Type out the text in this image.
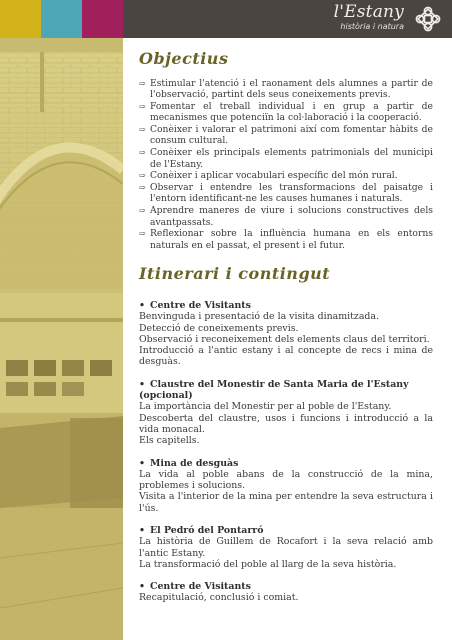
l'Estany
història i natura
Objectius
⇨ Estimular l'atenció i el raonament dels alumnes a partir de l'observació, partint dels seus coneixements previs.
⇨ Fomentar el treball individual i en grup a partir de mecanismes que potenciïn la col·laboració i la cooperació.
⇨ Conèixer i valorar el patrimoni així com fomentar hàbits de consum cultural.
⇨ Conèixer els principals elements patrimonials del municipi de l'Estany.
⇨ Conèixer i aplicar vocabulari específic del món rural.
⇨ Observar i entendre les transformacions del paisatge i l'entorn identificant-ne les causes humanes i naturals.
⇨ Aprendre maneres de viure i solucions constructives dels avantpassats.
⇨ Reflexionar sobre la influència humana en els entorns naturals en el passat, el present i el futur.
Itinerari i contingut
• Centre de Visitants

Benvinguda i presentació de la visita dinamitzada.

Detecció de coneixements previs.

Observació i reconeixement dels elements claus del territori.

Introducció a l'antic estany i al concepte de recs i mina de desguàs.

• Claustre del Monestir de Santa Maria de l'Estany
(opcional)

La importància del Monestir per al poble de l'Estany.

Descoberta del claustre, usos i funcions i introducció a la vida monacal.

Els capitells.

• Mina de desguàs

La vida al poble abans de la construcció de la mina, problemes i solucions.

Visita a l'interior de la mina per entendre la seva estructura i l'ús.

• El Pedró del Pontarró

La història de Guillem de Rocafort i la seva relació amb l'antic Estany.

La transformació del poble al llarg de la seva història.

• Centre de Visitants

Recapitulació, conclusió i comiat.
